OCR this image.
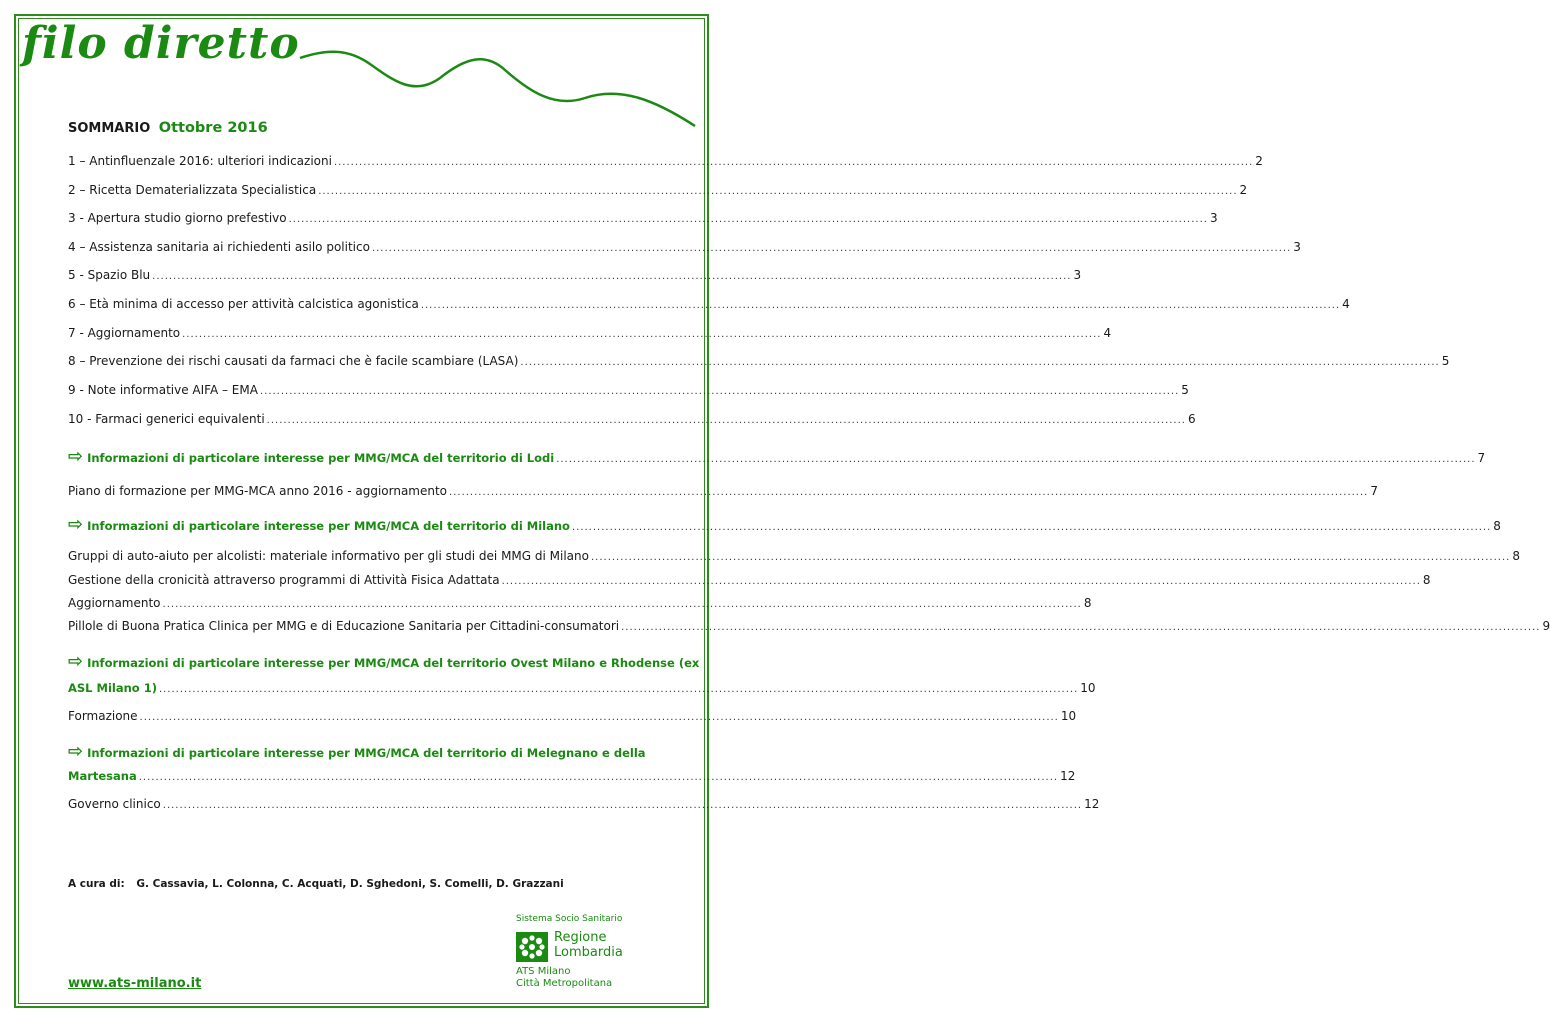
filo diretto
SOMMARIO Ottobre 2016
1 – Antinfluenzale 2016: ulteriori indicazioni ............................................................................................................................................................................................................................ 2
2 – Ricetta Dematerializzata Specialistica ............................................................................................................................................................................................................................ 2
3 - Apertura studio giorno prefestivo ............................................................................................................................................................................................................................ 3
4 – Assistenza sanitaria ai richiedenti asilo politico ............................................................................................................................................................................................................................ 3
5 - Spazio Blu ............................................................................................................................................................................................................................ 3
6 – Età minima di accesso per attività calcistica agonistica ............................................................................................................................................................................................................................ 4
7 - Aggiornamento ............................................................................................................................................................................................................................ 4
8 – Prevenzione dei rischi causati da farmaci che è facile scambiare (LASA) ............................................................................................................................................................................................................................ 5
9 - Note informative AIFA – EMA ............................................................................................................................................................................................................................ 5
10 - Farmaci generici equivalenti ............................................................................................................................................................................................................................ 6
⇨ Informazioni di particolare interesse per MMG/MCA del territorio di Lodi ............................................................................................................................................................................................................................ 7
Piano di formazione per MMG-MCA anno 2016 - aggiornamento ............................................................................................................................................................................................................................ 7
⇨ Informazioni di particolare interesse per MMG/MCA del territorio di Milano ............................................................................................................................................................................................................................ 8
Gruppi di auto-aiuto per alcolisti: materiale informativo per gli studi dei MMG di Milano ............................................................................................................................................................................................................................ 8
Gestione della cronicità attraverso programmi di Attività Fisica Adattata ............................................................................................................................................................................................................................ 8
Aggiornamento ............................................................................................................................................................................................................................ 8
Pillole di Buona Pratica Clinica per MMG e di Educazione Sanitaria per Cittadini-consumatori ............................................................................................................................................................................................................................ 9
⇨ Informazioni di particolare interesse per MMG/MCA del territorio Ovest Milano e Rhodense (ex
ASL Milano 1) ............................................................................................................................................................................................................................ 10
Formazione ............................................................................................................................................................................................................................ 10
⇨ Informazioni di particolare interesse per MMG/MCA del territorio di Melegnano e della
Martesana ............................................................................................................................................................................................................................ 12
Governo clinico ............................................................................................................................................................................................................................ 12
A cura di: G. Cassavia, L. Colonna, C. Acquati, D. Sghedoni, S. Comelli, D. Grazzani
www.ats-milano.it
Sistema Socio Sanitario
Regione
Lombardia
ATS Milano
Città Metropolitana
